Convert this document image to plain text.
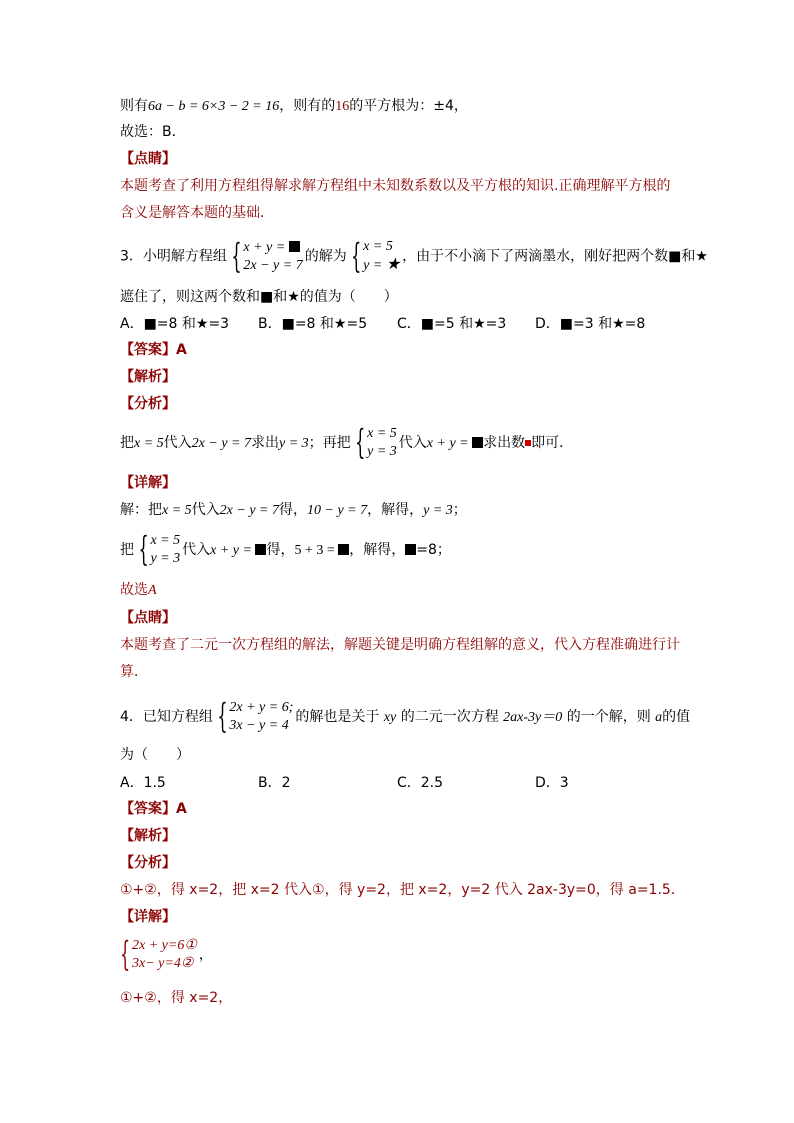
则有6a − b = 6×3 − 2 = 16，则有的16的平方根为：±4，
故选：B．
【点睛】
本题考查了利用方程组得解求解方程组中未知数系数以及平方根的知识.正确理解平方根的
含义是解答本题的基础．
3．小明解方程组
{ x + y =
2x − y = 7
的解为
{ x = 5
y = ★ ，由于不小滴下了两滴墨水，刚好把两个数■和★
遮住了，则这两个数和■和★的值为（　　）
A．■=8 和★=3 B．■=8 和★=5 C．■=5 和★=3 D．■=3 和★=8
【答案】A
【解析】
【分析】
把x = 5代入2x − y = 7求出y = 3；再把
{ x = 5
y = 3
代入x + y = 求出数 即可．
【详解】
解：把x = 5代入2x − y = 7得，10 − y = 7，解得，y = 3；
把
{ x = 5
y = 3
代入x + y = 得，5 + 3 = ，解得， =8；
故选A
【点睛】
本题考查了二元一次方程组的解法，解题关键是明确方程组解的意义，代入方程准确进行计
算．
4．已知方程组
{ 2x + y = 6;
3x − y = 4
的解也是关于 xy 的二元一次方程 2ax-3y＝0 的一个解，则 a的值
为（　　）
A．1.5	B．2	C．2.5	D．3
【答案】A
【解析】
【分析】
①+②，得 x=2，把 x=2 代入①，得 y=2，把 x=2，y=2 代入 2ax-3y=0，得 a=1.5．
【详解】
{ 2x + y=6①
3x− y=4②
，
①+②，得 x=2，
